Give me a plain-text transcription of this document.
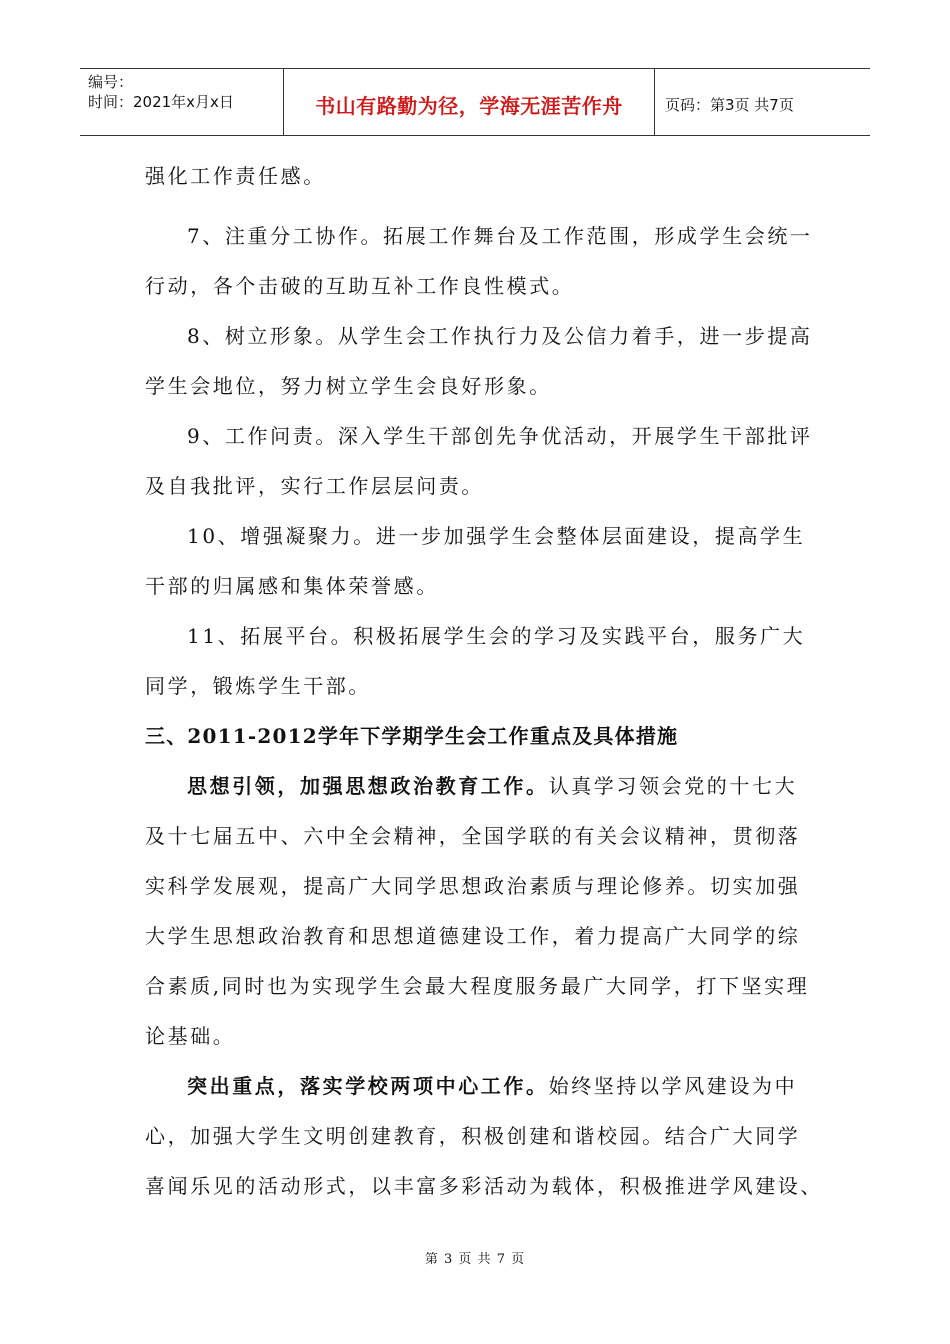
编号：
时间：2021年x月x日	书山有路勤为径，学海无涯苦作舟	页码：第3页 共7页
强化工作责任感。
7、注重分工协作。拓展工作舞台及工作范围，形成学生会统一
行动，各个击破的互助互补工作良性模式。
8、树立形象。从学生会工作执行力及公信力着手，进一步提高
学生会地位，努力树立学生会良好形象。
9、工作问责。深入学生干部创先争优活动，开展学生干部批评
及自我批评，实行工作层层问责。
10、增强凝聚力。进一步加强学生会整体层面建设，提高学生
干部的归属感和集体荣誉感。
11、拓展平台。积极拓展学生会的学习及实践平台，服务广大
同学，锻炼学生干部。
三、2011-2012学年下学期学生会工作重点及具体措施
思想引领，加强思想政治教育工作。认真学习领会党的十七大
及十七届五中、六中全会精神，全国学联的有关会议精神，贯彻落
实科学发展观，提高广大同学思想政治素质与理论修养。切实加强
大学生思想政治教育和思想道德建设工作，着力提高广大同学的综
合素质,同时也为实现学生会最大程度服务最广大同学，打下坚实理
论基础。
突出重点，落实学校两项中心工作。始终坚持以学风建设为中
心，加强大学生文明创建教育，积极创建和谐校园。结合广大同学
喜闻乐见的活动形式，以丰富多彩活动为载体，积极推进学风建设、
第 3 页 共 7 页
